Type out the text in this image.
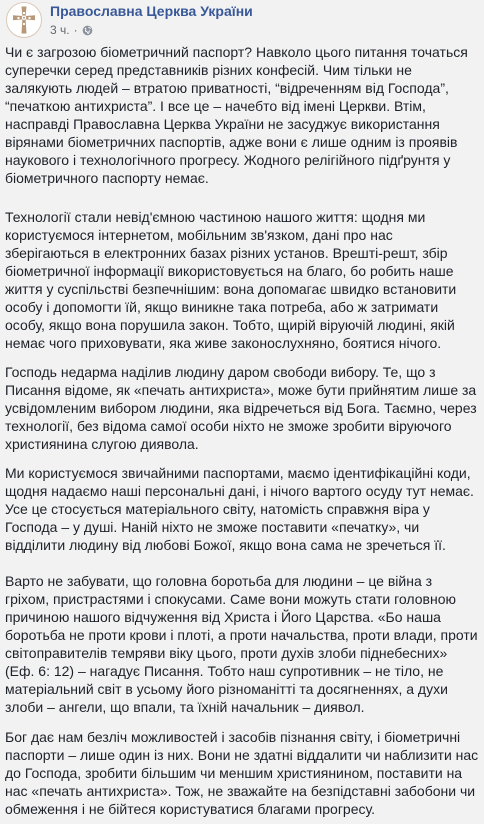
Православна Церква України
3 ч. ·

Чи є загрозою біометричний паспорт? Навколо цього питання точаться суперечки серед представників різних конфесій. Чим тільки не залякують людей – втратою приватності, “відреченням від Господа”, “печаткою антихриста”. І все це – начебто від імені Церкви. Втім, насправді Православна Церква України не засуджує використання вірянами біометричних паспортів, адже вони є лише одним із проявів наукового і технологічного прогресу. Жодного релігійного підґрунтя у біометричного паспорту немає.

Технології стали невід'ємною частиною нашого життя: щодня ми користуємося інтернетом, мобільним зв'язком, дані про нас зберігаються в електронних базах різних установ. Врешті-решт, збір біометричної інформації використовується на благо, бо робить наше життя у суспільстві безпечнішим: вона допомагає швидко встановити особу і допомогти їй, якщо виникне така потреба, або ж затримати особу, якщо вона порушила закон. Тобто, щирій віруючій людині, якій немає чого приховувати, яка живе законослухняно, боятися нічого.

Господь недарма наділив людину даром свободи вибору. Те, що з Писання відоме, як «печать антихриста», може бути прийнятим лише за усвідомленим вибором людини, яка відречеться від Бога. Таємно, через технології, без відома самої особи ніхто не зможе зробити віруючого християнина слугою диявола.

Ми користуємося звичайними паспортами, маємо ідентифікаційні коди, щодня надаємо наші персональні дані, і нічого вартого осуду тут немає. Усе це стосується матеріального світу, натомість справжня віра у Господа – у душі. Наній ніхто не зможе поставити «печатку», чи відділити людину від любові Божої, якщо вона сама не зречеться її.

Варто не забувати, що головна боротьба для людини – це війна з гріхом, пристрастями і спокусами. Саме вони можуть стати головною причиною нашого відчуження від Христа і Його Царства. «Бо наша боротьба не проти крови і плоті, а проти начальства, проти влади, проти світоправителів темряви віку цього, проти духів злоби піднебесних» (Еф. 6: 12) – нагадує Писання. Тобто наш супротивник – не тіло, не матеріальний світ в усьому його різноманітті та досягненнях, а духи злоби – ангели, що впали, та їхній начальник – диявол.

Бог дає нам безліч можливостей і засобів пізнання світу, і біометричні паспорти – лише один із них. Вони не здатні віддалити чи наблизити нас до Господа, зробити більшим чи меншим християнином, поставити на нас «печать антихриста». Тож, не зважайте на безпідставні забобони чи обмеження і не бійтеся користуватися благами прогресу.
